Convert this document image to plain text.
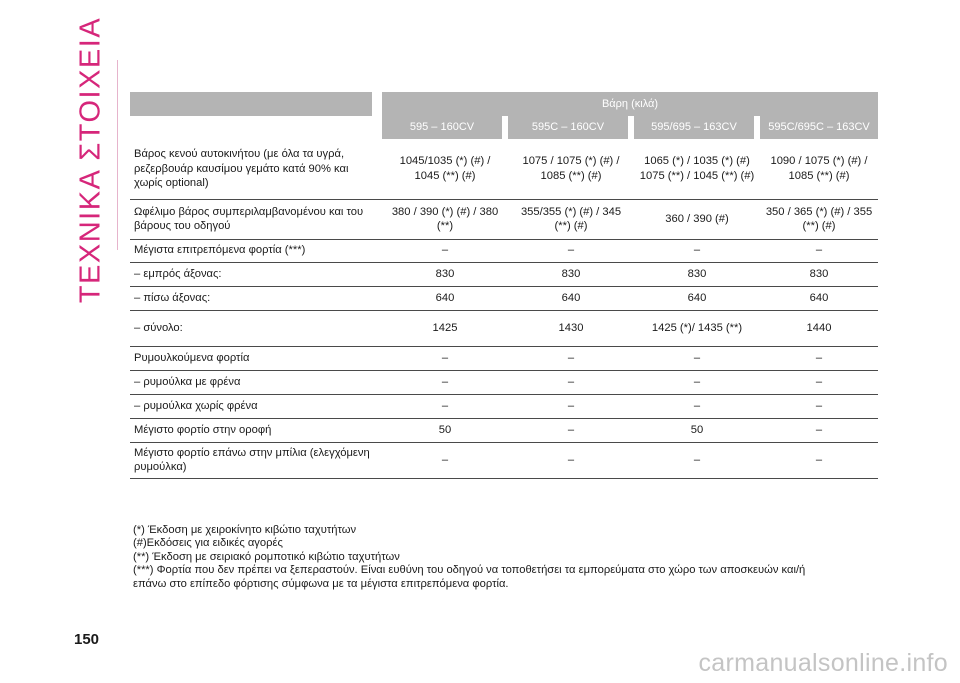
ΤΕΧΝΙΚΑ ΣΤΟΙΧΕΙΑ
			Βάρη (κιλά)						
		595 – 160CV		595C – 160CV		595/695 – 163CV		595C/695C – 163CV
Βάρος κενού αυτοκινήτου (με όλα τα υγρά, ρεζερβουάρ καυσίμου γεμάτο κατά 90% και χωρίς optional)		1045/1035 (*) (#) / 1045 (**) (#)		1075 / 1075 (*) (#) / 1085 (**) (#)		1065 (*) / 1035 (*) (#) 1075 (**) / 1045 (**) (#)		1090 / 1075 (*) (#) / 1085 (**) (#)
Ωφέλιμο βάρος συμπεριλαμβανομένου και του βάρους του οδηγού		380 / 390 (*) (#) / 380 (**)		355/355 (*) (#) / 345 (**) (#)		360 / 390 (#)		350 / 365 (*) (#) / 355 (**) (#)
Μέγιστα επιτρεπόμενα φορτία (***)		–		–		–		–
– εμπρός άξονας:		830		830		830		830
– πίσω άξονας:		640		640		640		640
– σύνολο:		1425		1430		1425 (*)/ 1435 (**)		1440
Ρυμουλκούμενα φορτία		–		–		–		–
– ρυμούλκα με φρένα		–		–		–		–
– ρυμούλκα χωρίς φρένα		–		–		–		–
Μέγιστο φορτίο στην οροφή		50		–		50		–
Μέγιστο φορτίο επάνω στην μπίλια (ελεγχόμενη ρυμούλκα)		–		–		–		–
(*) Έκδοση με χειροκίνητο κιβώτιο ταχυτήτων
(#)Εκδόσεις για ειδικές αγορές
(**) Έκδοση με σειριακό ρομποτικό κιβώτιο ταχυτήτων
(***) Φορτία που δεν πρέπει να ξεπεραστούν. Είναι ευθύνη του οδηγού να τοποθετήσει τα εμπορεύματα στο χώρο των αποσκευών και/ή
επάνω στο επίπεδο φόρτισης σύμφωνα με τα μέγιστα επιτρεπόμενα φορτία.
150
carmanualsonline.info
